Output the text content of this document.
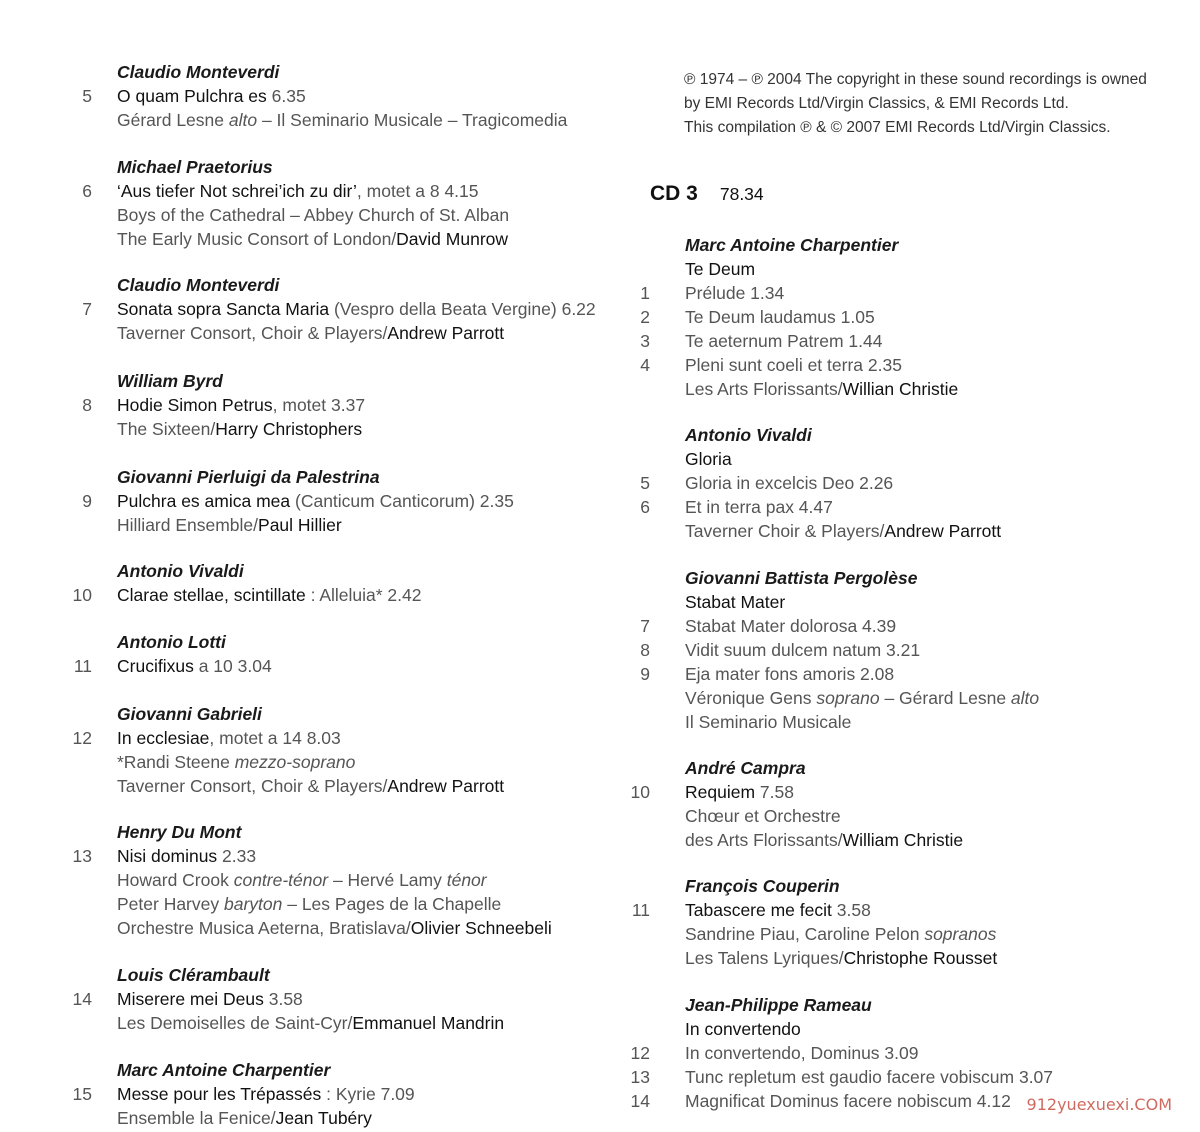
Claudio Monteverdi
5 O quam Pulchra es 6.35
Gérard Lesne alto – Il Seminario Musicale – Tragicomedia
Michael Praetorius
6 ‘Aus tiefer Not schrei’ich zu dir’, motet a 8 4.15
Boys of the Cathedral – Abbey Church of St. Alban
The Early Music Consort of London/David Munrow
Claudio Monteverdi
7 Sonata sopra Sancta Maria (Vespro della Beata Vergine) 6.22
Taverner Consort, Choir & Players/Andrew Parrott
William Byrd
8 Hodie Simon Petrus, motet 3.37
The Sixteen/Harry Christophers
Giovanni Pierluigi da Palestrina
9 Pulchra es amica mea (Canticum Canticorum) 2.35
Hilliard Ensemble/Paul Hillier
Antonio Vivaldi
10 Clarae stellae, scintillate : Alleluia* 2.42
Antonio Lotti
11 Crucifixus a 10 3.04
Giovanni Gabrieli
12 In ecclesiae, motet a 14 8.03
*Randi Steene mezzo-soprano
Taverner Consort, Choir & Players/Andrew Parrott
Henry Du Mont
13 Nisi dominus 2.33
Howard Crook contre-ténor – Hervé Lamy ténor
Peter Harvey baryton – Les Pages de la Chapelle
Orchestre Musica Aeterna, Bratislava/Olivier Schneebeli
Louis Clérambault
14 Miserere mei Deus 3.58
Les Demoiselles de Saint-Cyr/Emmanuel Mandrin
Marc Antoine Charpentier
15 Messe pour les Trépassés : Kyrie 7.09
Ensemble la Fenice/Jean Tubéry
℗ 1974 – ℗ 2004 The copyright in these sound recordings is owned
by EMI Records Ltd/Virgin Classics, & EMI Records Ltd.
This compilation ℗ & © 2007 EMI Records Ltd/Virgin Classics.
CD 3 78.34
Marc Antoine Charpentier
Te Deum
1 Prélude 1.34
2 Te Deum laudamus 1.05
3 Te aeternum Patrem 1.44
4 Pleni sunt coeli et terra 2.35
Les Arts Florissants/Willian Christie
Antonio Vivaldi
Gloria
5 Gloria in excelcis Deo 2.26
6 Et in terra pax 4.47
Taverner Choir & Players/Andrew Parrott
Giovanni Battista Pergolèse
Stabat Mater
7 Stabat Mater dolorosa 4.39
8 Vidit suum dulcem natum 3.21
9 Eja mater fons amoris 2.08
Véronique Gens soprano – Gérard Lesne alto
Il Seminario Musicale
André Campra
10 Requiem 7.58
Chœur et Orchestre
des Arts Florissants/William Christie
François Couperin
11 Tabascere me fecit 3.58
Sandrine Piau, Caroline Pelon sopranos
Les Talens Lyriques/Christophe Rousset
Jean-Philippe Rameau
In convertendo
12 In convertendo, Dominus 3.09
13 Tunc repletum est gaudio facere vobiscum 3.07
14 Magnificat Dominus facere nobiscum 4.12 912yuexuexi.COM
